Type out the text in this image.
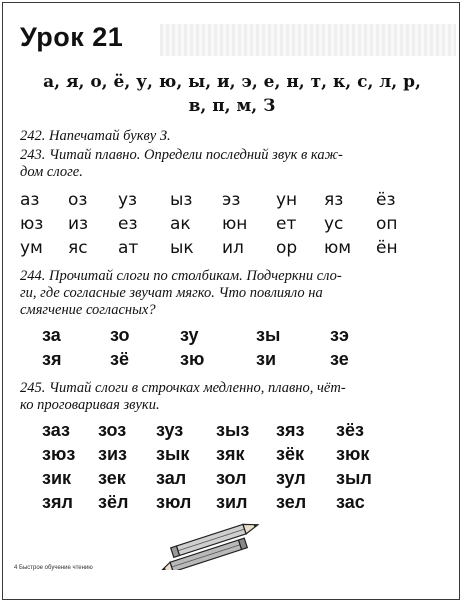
Урок 21
а, я, о, ё, у, ю, ы, и, э, е, н, т, к, с, л, р,
в, п, м, З
242. Напечатай букву З.
243. Читай плавно. Определи последний звук в каж-
дом слоге.
аз оз уз ыз эз ун яз ёз
юз из ез ак юн ет ус оп
ум яс ат ык ил ор юм ён
244. Прочитай слоги по столбикам. Подчеркни сло-
ги, где согласные звучат мягко. Что повлияло на
смягчение согласных?
за	зо	зу	зы	зэ
зя	зё	зю	зи	зе
245. Читай слоги в строчках медленно, плавно, чёт-
ко проговаривая звуки.
заз зоз зуз зыз зяз зёз
зюз зиз зык зяк зёк зюк
зик зек зал зол зул зыл
зял зёл зюл зил зел зас
4 Быстрое обучение чтению
